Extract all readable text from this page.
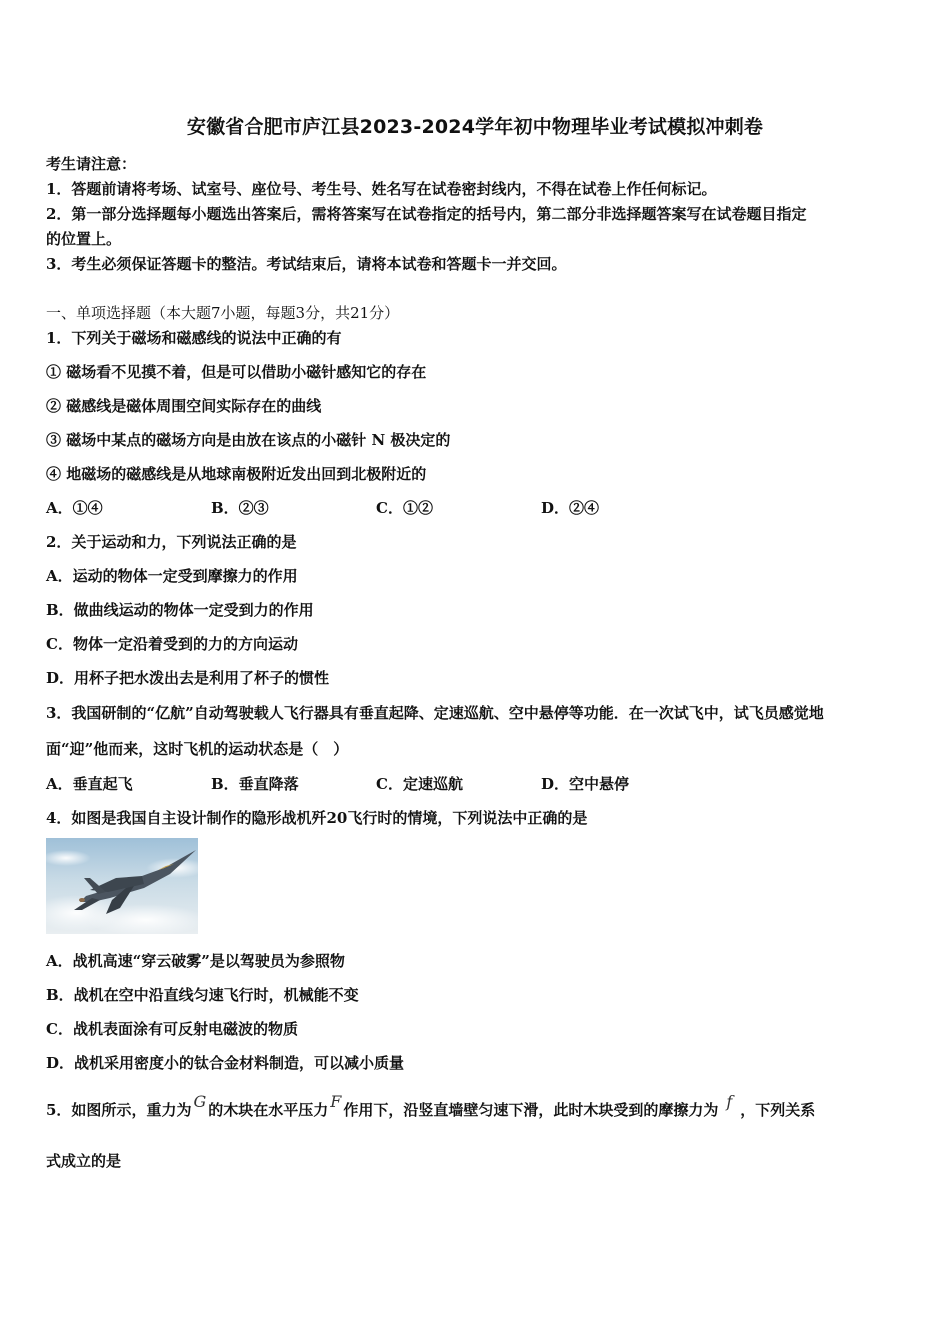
安徽省合肥市庐江县2023-2024学年初中物理毕业考试模拟冲刺卷
考生请注意：
1．答题前请将考场、试室号、座位号、考生号、姓名写在试卷密封线内，不得在试卷上作任何标记。
2．第一部分选择题每小题选出答案后，需将答案写在试卷指定的括号内，第二部分非选择题答案写在试卷题目指定
的位置上。
3．考生必须保证答题卡的整洁。考试结束后，请将本试卷和答题卡一并交回。
一、单项选择题（本大题7小题，每题3分，共21分）
1．下列关于磁场和磁感线的说法中正确的有
① 磁场看不见摸不着，但是可以借助小磁针感知它的存在
② 磁感线是磁体周围空间实际存在的曲线
③ 磁场中某点的磁场方向是由放在该点的小磁针 N 极决定的
④ 地磁场的磁感线是从地球南极附近发出回到北极附近的
A．①④	B．②③	C．①②	D．②④
2．关于运动和力，下列说法正确的是
A．运动的物体一定受到摩擦力的作用
B．做曲线运动的物体一定受到力的作用
C．物体一定沿着受到的力的方向运动
D．用杯子把水泼出去是利用了杯子的惯性
3．我国研制的“亿航”自动驾驶载人飞行器具有垂直起降、定速巡航、空中悬停等功能．在一次试飞中，试飞员感觉地
面“迎”他而来，这时飞机的运动状态是（　）
A．垂直起飞	B．垂直降落	C．定速巡航	D．空中悬停
4．如图是我国自主设计制作的隐形战机歼20飞行时的情境，下列说法中正确的是
A．战机高速“穿云破雾”是以驾驶员为参照物
B．战机在空中沿直线匀速飞行时，机械能不变
C．战机表面涂有可反射电磁波的物质
D．战机采用密度小的钛合金材料制造，可以减小质量
5．如图所示，重力为 G 的木块在水平压力 F 作用下，沿竖直墙壁匀速下滑，此时木块受到的摩擦力为 f ，下列关系
式成立的是
